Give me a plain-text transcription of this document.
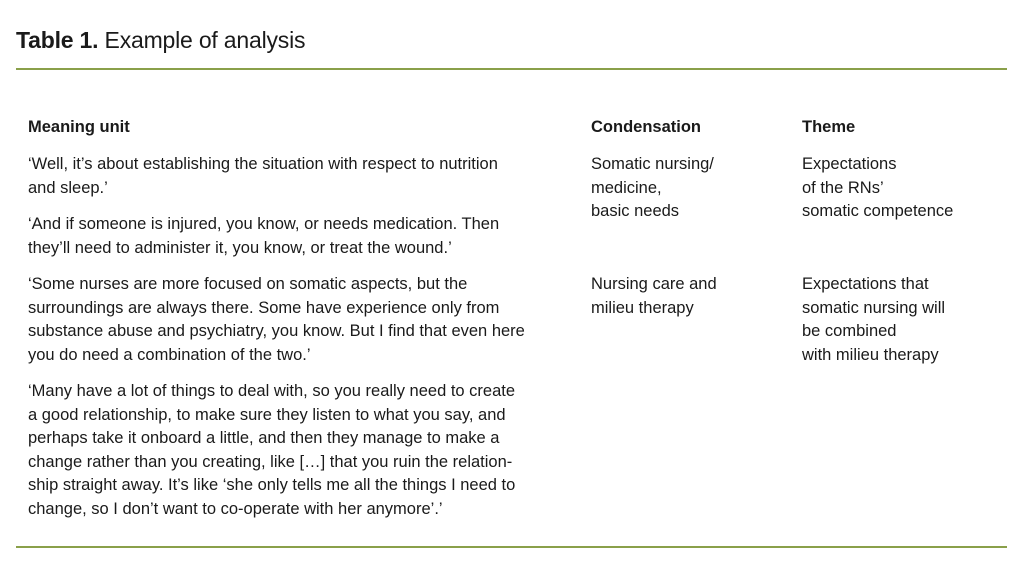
Table 1. Example of analysis
Meaning unit

‘Well, it’s about establishing the situation with respect to nutrition
and sleep.’

‘And if someone is injured, you know, or needs medication. Then
they’ll need to administer it, you know, or treat the wound.’

‘Some nurses are more focused on somatic aspects, but the
surroundings are always there. Some have experience only from
substance abuse and psychiatry, you know. But I find that even here
you do need a combination of the two.’

‘Many have a lot of things to deal with, so you really need to create
a good relationship, to make sure they listen to what you say, and
perhaps take it onboard a little, and then they manage to make a
change rather than you creating, like […] that you ruin the relation-
ship straight away. It’s like ‘she only tells me all the things I need to
change, so I don’t want to co-operate with her anymore’.’

Condensation

Somatic nursing/
medicine,
basic needs

Nursing care and
milieu therapy

Theme

Expectations
of the RNs’
somatic competence

Expectations that
somatic nursing will
be combined
with milieu therapy
